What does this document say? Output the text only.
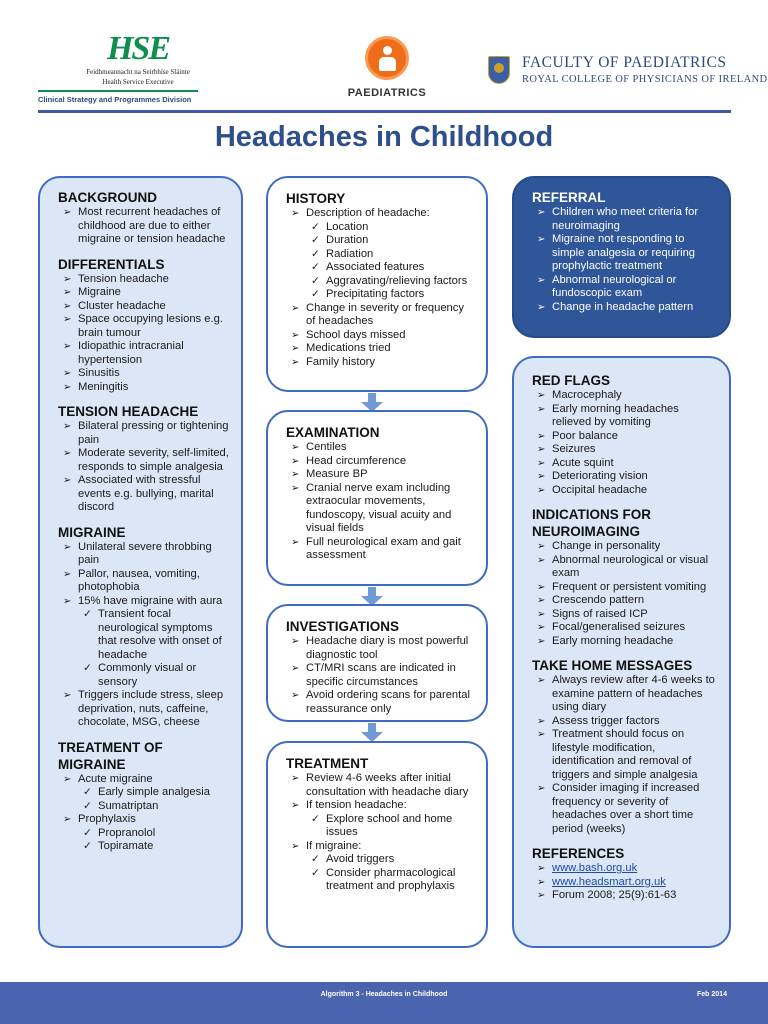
HSE
Feidhmeannacht na Seirbhíse Sláinte
Health Service Executive
Clinical Strategy and Programmes Division
PAEDIATRICS
FACULTY OF PAEDIATRICS
ROYAL COLLEGE OF PHYSICIANS OF IRELAND
Headaches in Childhood
BACKGROUND
➢ Most recurrent headaches of childhood are due to either migraine or tension headache
DIFFERENTIALS
➢ Tension headache
➢ Migraine
➢ Cluster headache
➢ Space occupying lesions e.g. brain tumour
➢ Idiopathic intracranial hypertension
➢ Sinusitis
➢ Meningitis
TENSION HEADACHE
➢ Bilateral pressing or tightening pain
➢ Moderate severity, self-limited, responds to simple analgesia
➢ Associated with stressful events e.g. bullying, marital discord
MIGRAINE
➢ Unilateral severe throbbing pain
➢ Pallor, nausea, vomiting, photophobia
➢ 15% have migraine with aura
✓ Transient focal neurological symptoms that resolve with onset of headache
✓ Commonly visual or sensory
➢ Triggers include stress, sleep deprivation, nuts, caffeine, chocolate, MSG, cheese
TREATMENT OF MIGRAINE
➢ Acute migraine
✓ Early simple analgesia
✓ Sumatriptan
➢ Prophylaxis
✓ Propranolol
✓ Topiramate
HISTORY
➢ Description of headache:
✓ Location
✓ Duration
✓ Radiation
✓ Associated features
✓ Aggravating/relieving factors
✓ Precipitating factors
➢ Change in severity or frequency of headaches
➢ School days missed
➢ Medications tried
➢ Family history
EXAMINATION
➢ Centiles
➢ Head circumference
➢ Measure BP
➢ Cranial nerve exam including extraocular movements, fundoscopy, visual acuity and visual fields
➢ Full neurological exam and gait assessment
INVESTIGATIONS
➢ Headache diary is most powerful diagnostic tool
➢ CT/MRI scans are indicated in specific circumstances
➢ Avoid ordering scans for parental reassurance only
TREATMENT
➢ Review 4-6 weeks after initial consultation with headache diary
➢ If tension headache:
✓ Explore school and home issues
➢ If migraine:
✓ Avoid triggers
✓ Consider pharmacological treatment and prophylaxis
REFERRAL
➢ Children who meet criteria for neuroimaging
➢ Migraine not responding to simple analgesia or requiring prophylactic treatment
➢ Abnormal neurological or fundoscopic exam
➢ Change in headache pattern
RED FLAGS
➢ Macrocephaly
➢ Early morning headaches relieved by vomiting
➢ Poor balance
➢ Seizures
➢ Acute squint
➢ Deteriorating vision
➢ Occipital headache
INDICATIONS FOR NEUROIMAGING
➢ Change in personality
➢ Abnormal neurological or visual exam
➢ Frequent or persistent vomiting
➢ Crescendo pattern
➢ Signs of raised ICP
➢ Focal/generalised seizures
➢ Early morning headache
TAKE HOME MESSAGES
➢ Always review after 4-6 weeks to examine pattern of headaches using diary
➢ Assess trigger factors
➢ Treatment should focus on lifestyle modification, identification and removal of triggers and simple analgesia
➢ Consider imaging if increased frequency or severity of headaches over a short time period (weeks)
REFERENCES
➢ www.bash.org.uk
➢ www.headsmart.org.uk
➢ Forum 2008; 25(9):61-63
Algorithm 3 - Headaches in Childhood	Feb 2014
